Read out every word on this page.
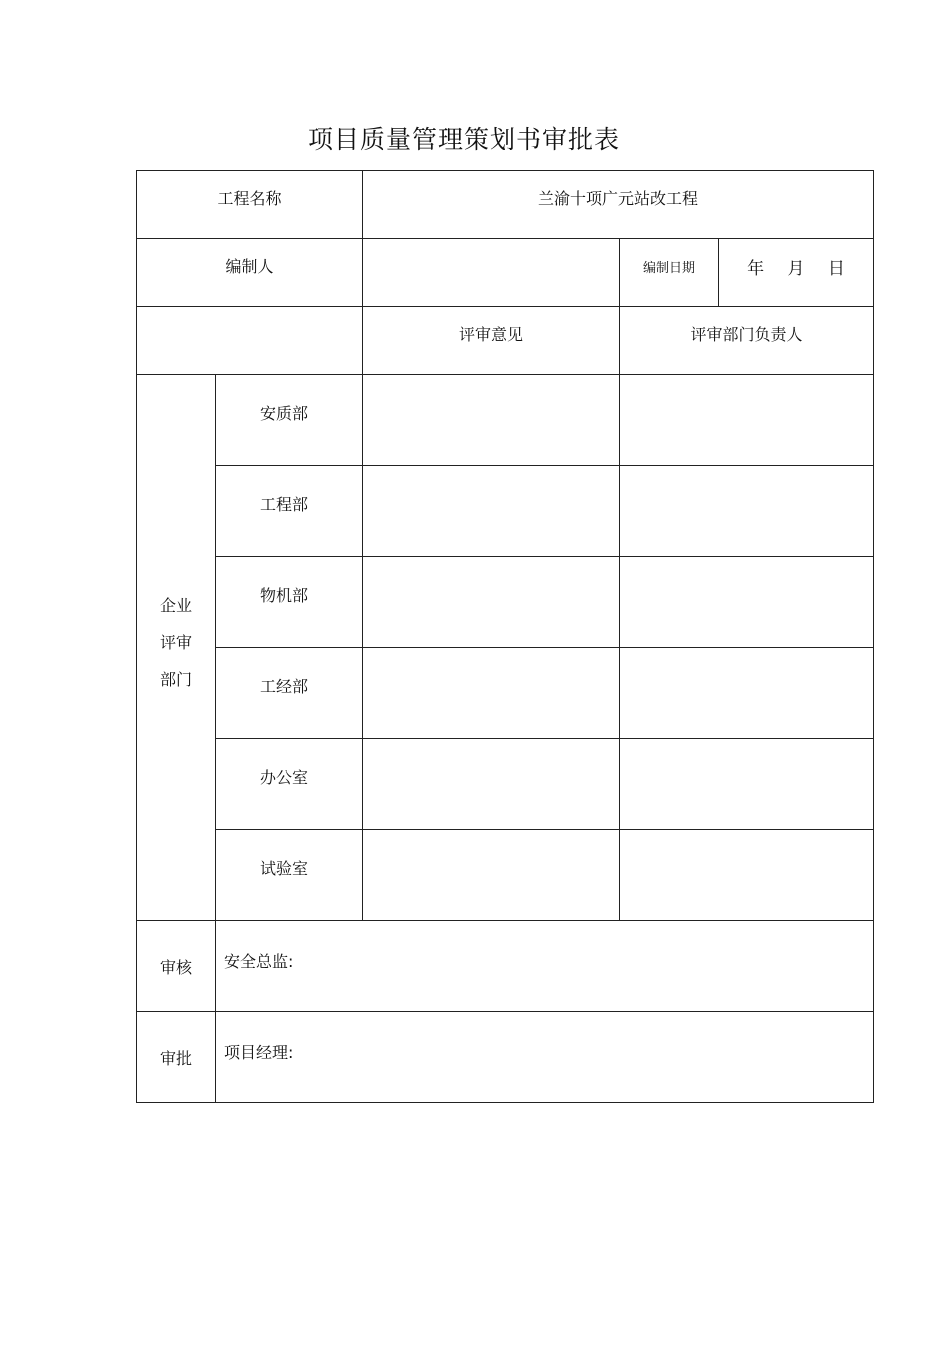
项目质量管理策划书审批表
工程名称		兰渝十项广元站改工程		
编制人			编制日期	年 月 日
		评审意见	评审部门负责人	

企业
评审
部门	安质部			
	工程部			
	物机部			
	工经部			
	办公室			
	试验室			
审核	安全总监:			
审批	项目经理:			
